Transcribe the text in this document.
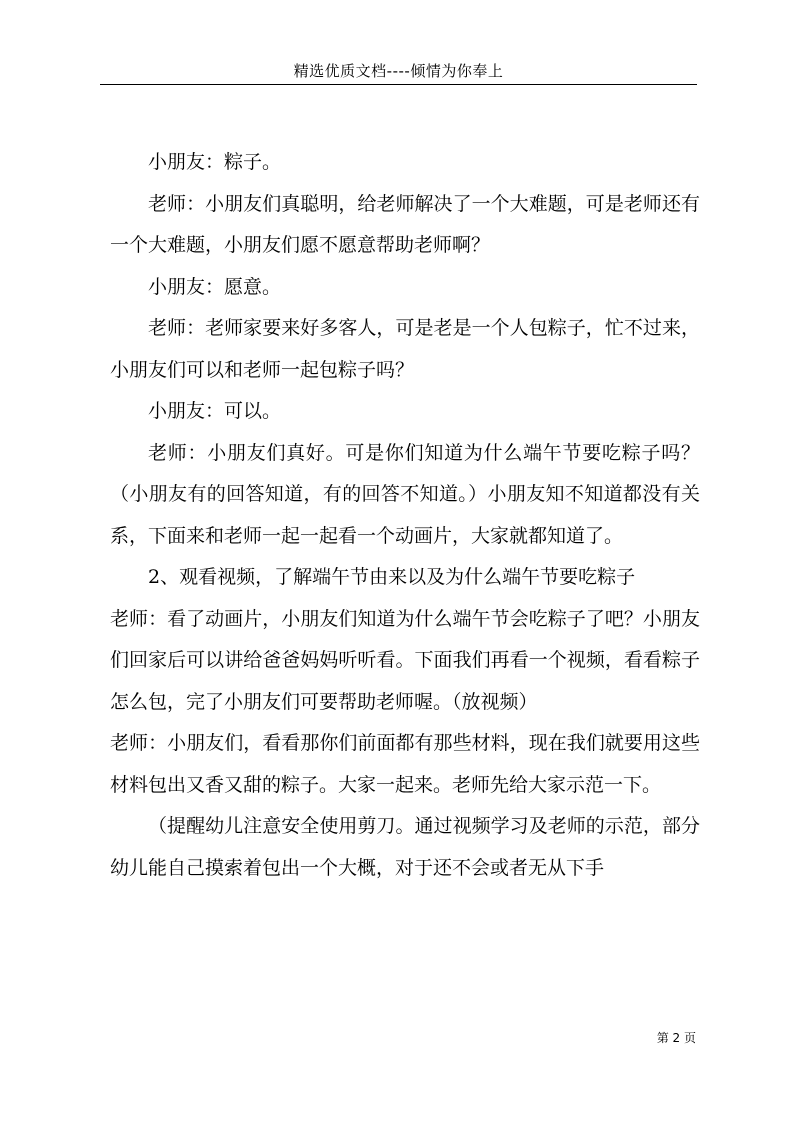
精选优质文档----倾情为你奉上

小朋友：粽子。

老师：小朋友们真聪明，给老师解决了一个大难题，可是老师还有一个大难题，小朋友们愿不愿意帮助老师啊？

小朋友：愿意。

老师：老师家要来好多客人，可是老是一个人包粽子，忙不过来，小朋友们可以和老师一起包粽子吗？

小朋友：可以。

老师：小朋友们真好。可是你们知道为什么端午节要吃粽子吗？（小朋友有的回答知道，有的回答不知道。）小朋友知不知道都没有关系，下面来和老师一起一起看一个动画片，大家就都知道了。

2、观看视频，了解端午节由来以及为什么端午节要吃粽子

老师：看了动画片，小朋友们知道为什么端午节会吃粽子了吧？小朋友们回家后可以讲给爸爸妈妈听听看。下面我们再看一个视频，看看粽子怎么包，完了小朋友们可要帮助老师喔。（放视频）

老师：小朋友们，看看那你们前面都有那些材料，现在我们就要用这些材料包出又香又甜的粽子。大家一起来。老师先给大家示范一下。

（提醒幼儿注意安全使用剪刀。通过视频学习及老师的示范，部分幼儿能自己摸索着包出一个大概，对于还不会或者无从下手

第 2 页
